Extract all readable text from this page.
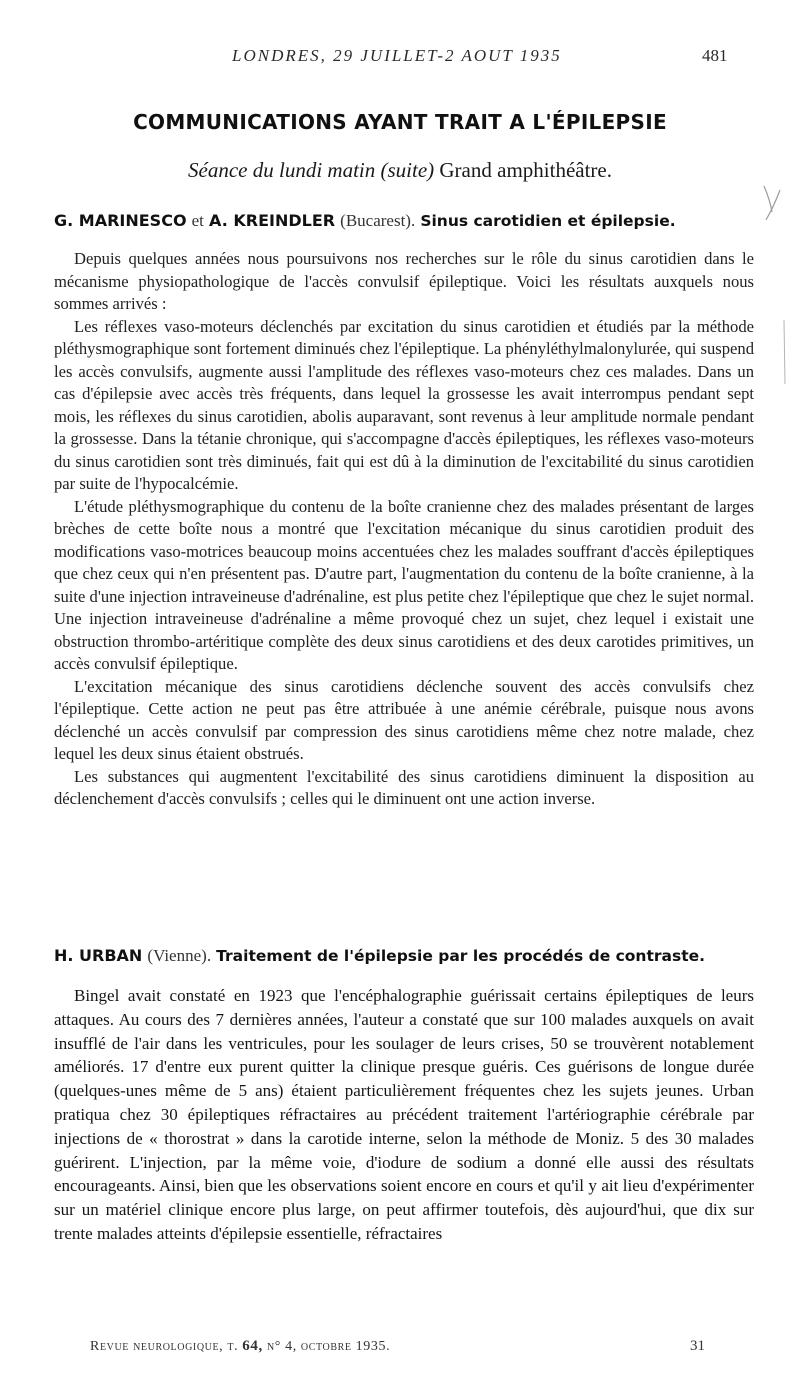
LONDRES, 29 JUILLET-2 AOUT 1935	481
COMMUNICATIONS AYANT TRAIT A L'ÉPILEPSIE
Séance du lundi matin (suite) Grand amphithéâtre.
G. MARINESCO et A. KREINDLER (Bucarest). Sinus carotidien et épilepsie.

Depuis quelques années nous poursuivons nos recherches sur le rôle du sinus carotidien dans le mécanisme physiopathologique de l'accès convulsif épileptique. Voici les résultats auxquels nous sommes arrivés :

Les réflexes vaso-moteurs déclenchés par excitation du sinus carotidien et étudiés par la méthode pléthysmographique sont fortement diminués chez l'épileptique. La phényléthylmalonylurée, qui suspend les accès convulsifs, augmente aussi l'amplitude des réflexes vaso-moteurs chez ces malades. Dans un cas d'épilepsie avec accès très fréquents, dans lequel la grossesse les avait interrompus pendant sept mois, les réflexes du sinus carotidien, abolis auparavant, sont revenus à leur amplitude normale pendant la grossesse. Dans la tétanie chronique, qui s'accompagne d'accès épileptiques, les réflexes vaso-moteurs du sinus carotidien sont très diminués, fait qui est dû à la diminution de l'excitabilité du sinus carotidien par suite de l'hypocalcémie.

L'étude pléthysmographique du contenu de la boîte cranienne chez des malades présentant de larges brèches de cette boîte nous a montré que l'excitation mécanique du sinus carotidien produit des modifications vaso-motrices beaucoup moins accentuées chez les malades souffrant d'accès épileptiques que chez ceux qui n'en présentent pas. D'autre part, l'augmentation du contenu de la boîte cranienne, à la suite d'une injection intraveineuse d'adrénaline, est plus petite chez l'épileptique que chez le sujet normal. Une injection intraveineuse d'adrénaline a même provoqué chez un sujet, chez lequel i existait une obstruction thrombo-artéritique complète des deux sinus carotidiens et des deux carotides primitives, un accès convulsif épileptique.

L'excitation mécanique des sinus carotidiens déclenche souvent des accès convulsifs chez l'épileptique. Cette action ne peut pas être attribuée à une anémie cérébrale, puisque nous avons déclenché un accès convulsif par compression des sinus carotidiens même chez notre malade, chez lequel les deux sinus étaient obstrués.

Les substances qui augmentent l'excitabilité des sinus carotidiens diminuent la disposition au déclenchement d'accès convulsifs ; celles qui le diminuent ont une action inverse.

H. URBAN (Vienne). Traitement de l'épilepsie par les procédés de contraste.

Bingel avait constaté en 1923 que l'encéphalographie guérissait certains épileptiques de leurs attaques. Au cours des 7 dernières années, l'auteur a constaté que sur 100 malades auxquels on avait insufflé de l'air dans les ventricules, pour les soulager de leurs crises, 50 se trouvèrent notablement améliorés. 17 d'entre eux purent quitter la clinique presque guéris. Ces guérisons de longue durée (quelques-unes même de 5 ans) étaient particulièrement fréquentes chez les sujets jeunes. Urban pratiqua chez 30 épileptiques réfractaires au précédent traitement l'artériographie cérébrale par injections de « thorostrat » dans la carotide interne, selon la méthode de Moniz. 5 des 30 malades guérirent. L'injection, par la même voie, d'iodure de sodium a donné elle aussi des résultats encourageants. Ainsi, bien que les observations soient encore en cours et qu'il y ait lieu d'expérimenter sur un matériel clinique encore plus large, on peut affirmer toutefois, dès aujourd'hui, que dix sur trente malades atteints d'épilepsie essentielle, réfractaires

Revue neurologique, t. 64, n° 4, octobre 1935.	31
